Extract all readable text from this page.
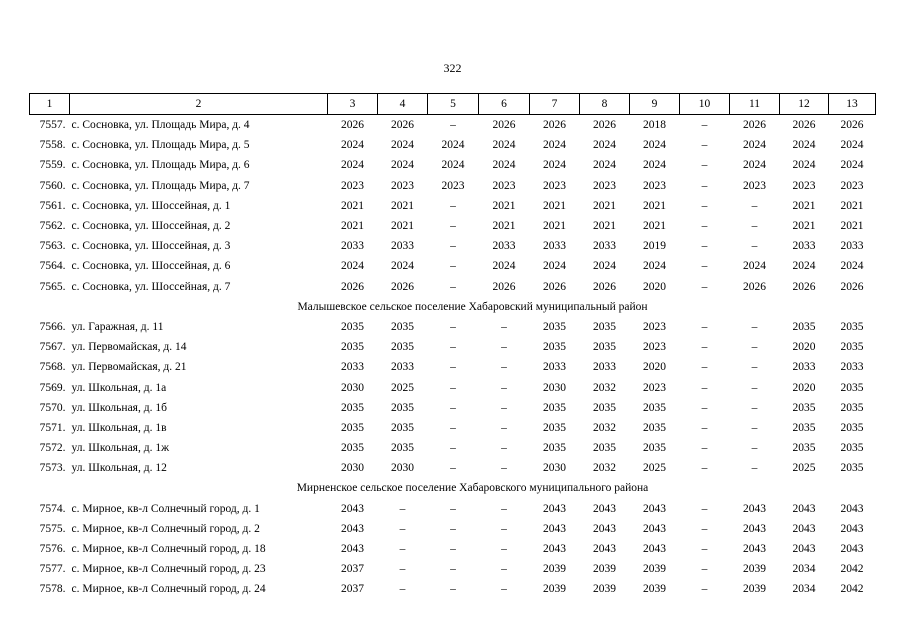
322
1	2	3	4	5	6	7	8	9	10	11	12	13
7557.	с. Сосновка, ул. Площадь Мира, д. 4	2026	2026	–	2026	2026	2026	2018	–	2026	2026	2026
7558.	с. Сосновка, ул. Площадь Мира, д. 5	2024	2024	2024	2024	2024	2024	2024	–	2024	2024	2024
7559.	с. Сосновка, ул. Площадь Мира, д. 6	2024	2024	2024	2024	2024	2024	2024	–	2024	2024	2024
7560.	с. Сосновка, ул. Площадь Мира, д. 7	2023	2023	2023	2023	2023	2023	2023	–	2023	2023	2023
7561.	с. Сосновка, ул. Шоссейная, д. 1	2021	2021	–	2021	2021	2021	2021	–	–	2021	2021
7562.	с. Сосновка, ул. Шоссейная, д. 2	2021	2021	–	2021	2021	2021	2021	–	–	2021	2021
7563.	с. Сосновка, ул. Шоссейная, д. 3	2033	2033	–	2033	2033	2033	2019	–	–	2033	2033
7564.	с. Сосновка, ул. Шоссейная, д. 6	2024	2024	–	2024	2024	2024	2024	–	2024	2024	2024
7565.	с. Сосновка, ул. Шоссейная, д. 7	2026	2026	–	2026	2026	2026	2020	–	2026	2026	2026
Малышевское сельское поселение Хабаровский муниципальный район												
7566.	ул. Гаражная, д. 11	2035	2035	–	–	2035	2035	2023	–	–	2035	2035
7567.	ул. Первомайская, д. 14	2035	2035	–	–	2035	2035	2023	–	–	2020	2035
7568.	ул. Первомайская, д. 21	2033	2033	–	–	2033	2033	2020	–	–	2033	2033
7569.	ул. Школьная, д. 1а	2030	2025	–	–	2030	2032	2023	–	–	2020	2035
7570.	ул. Школьная, д. 1б	2035	2035	–	–	2035	2035	2035	–	–	2035	2035
7571.	ул. Школьная, д. 1в	2035	2035	–	–	2035	2032	2035	–	–	2035	2035
7572.	ул. Школьная, д. 1ж	2035	2035	–	–	2035	2035	2035	–	–	2035	2035
7573.	ул. Школьная, д. 12	2030	2030	–	–	2030	2032	2025	–	–	2025	2035
Мирненское сельское поселение Хабаровского муниципального района												
7574.	с. Мирное, кв-л Солнечный город, д. 1	2043	–	–	–	2043	2043	2043	–	2043	2043	2043
7575.	с. Мирное, кв-л Солнечный город, д. 2	2043	–	–	–	2043	2043	2043	–	2043	2043	2043
7576.	с. Мирное, кв-л Солнечный город, д. 18	2043	–	–	–	2043	2043	2043	–	2043	2043	2043
7577.	с. Мирное, кв-л Солнечный город, д. 23	2037	–	–	–	2039	2039	2039	–	2039	2034	2042
7578.	с. Мирное, кв-л Солнечный город, д. 24	2037	–	–	–	2039	2039	2039	–	2039	2034	2042
